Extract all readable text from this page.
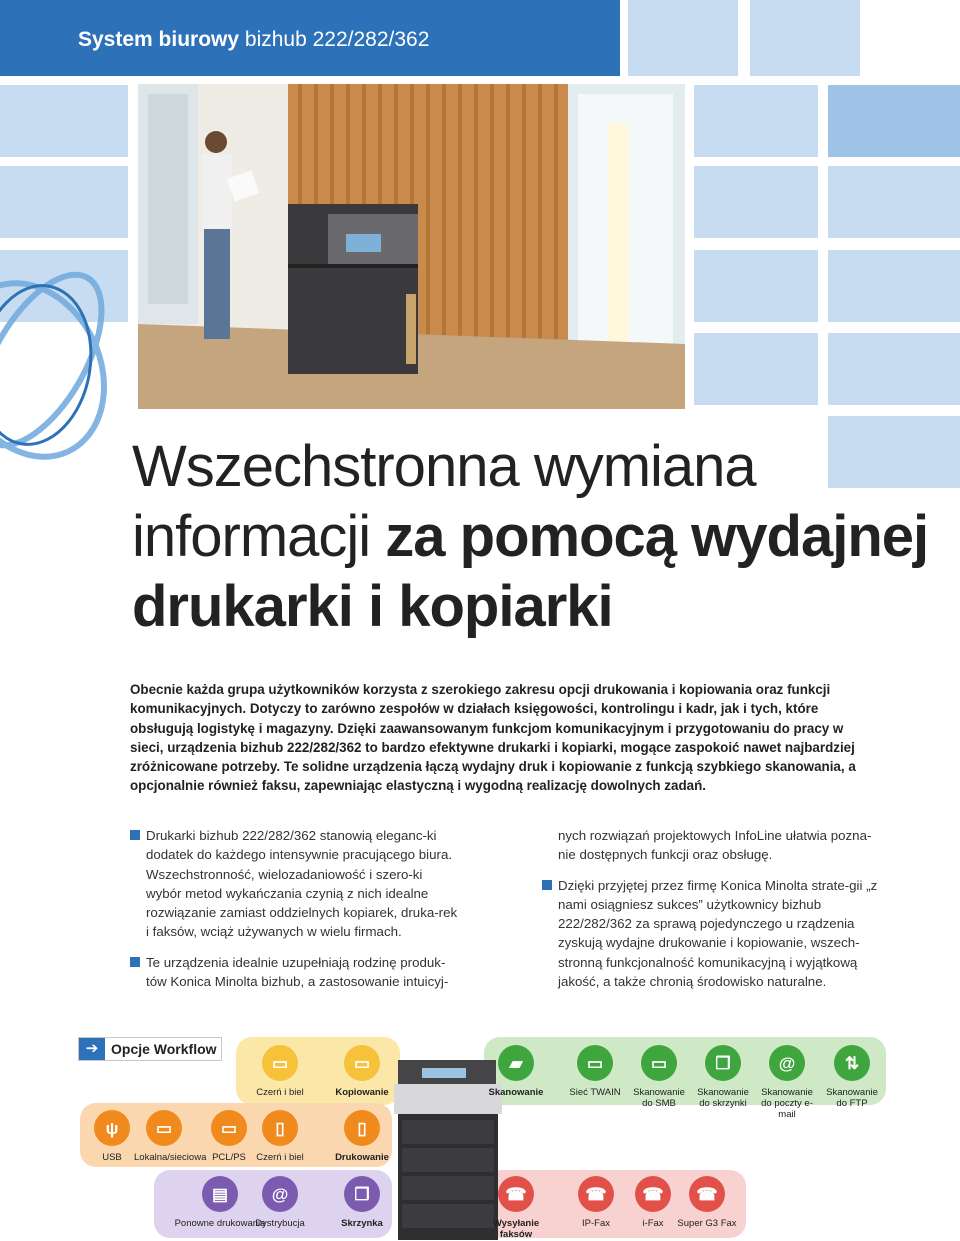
System biurowy bizhub 222/282/362
Wszechstronna wymiana
informacji za pomocą wydajnej
drukarki i kopiarki
Obecnie każda grupa użytkowników korzysta z szerokiego zakresu opcji drukowania i kopiowania oraz funkcji komunikacyjnych. Dotyczy to zarówno zespołów w działach księgowości, kontrolingu i kadr, jak i tych, które obsługują logistykę i magazyny. Dzięki zaawansowanym funkcjom komunikacyjnym i przygotowaniu do pracy w sieci, urządzenia bizhub 222/282/362 to bardzo efektywne drukarki i kopiarki, mogące zaspokoić nawet najbardziej zróżnicowane potrzeby. Te solidne urządzenia łączą wydajny druk i kopiowanie z funkcją szybkiego skanowania, a opcjonalnie również faksu, zapewniając elastyczną i wygodną realizację dowolnych zadań.

Drukarki bizhub 222/282/362 stanowią eleganc-ki dodatek do każdego intensywnie pracującego biura. Wszechstronność, wielozadaniowość i szero-ki wybór metod wykańczania czynią z nich idealne rozwiązanie zamiast oddzielnych kopiarek, druka-rek i faksów, wciąż używanych w wielu firmach.

Te urządzenia idealnie uzupełniają rodzinę produk-tów Konica Minolta bizhub, a zastosowanie intuicyj-

nych rozwiązań projektowych InfoLine ułatwia pozna-nie dostępnych funkcji oraz obsługę.

Dzięki przyjętej przez firmę Konica Minolta strate-gii „z nami osiągniesz sukces” użytkownicy bizhub 222/282/362 za sprawą pojedynczego u rządzenia zyskują wydajne drukowanie i kopiowanie, wszech-stronną funkcjonalność komunikacyjną i wyjątkową jakość, a także chronią środowisko naturalne.

➔ Opcje Workflow
▭
Czerń i biel
▭
Kopiowanie
ψ
USB
▭
Lokalna/sieciowa
▭
PCL/PS
▯
Czerń i biel
▯
Drukowanie
▰
Skanowanie
▭
Sieć TWAIN
▭
Skanowanie do SMB
❒
Skanowanie do skrzynki
@
Skanowanie do poczty e-mail
⇅
Skanowanie do FTP
▤
Ponowne drukowanie
@
Dystrybucja
❒
Skrzynka
☎
Wysyłanie faksów
☎
IP-Fax
☎
i-Fax
☎
Super G3 Fax
